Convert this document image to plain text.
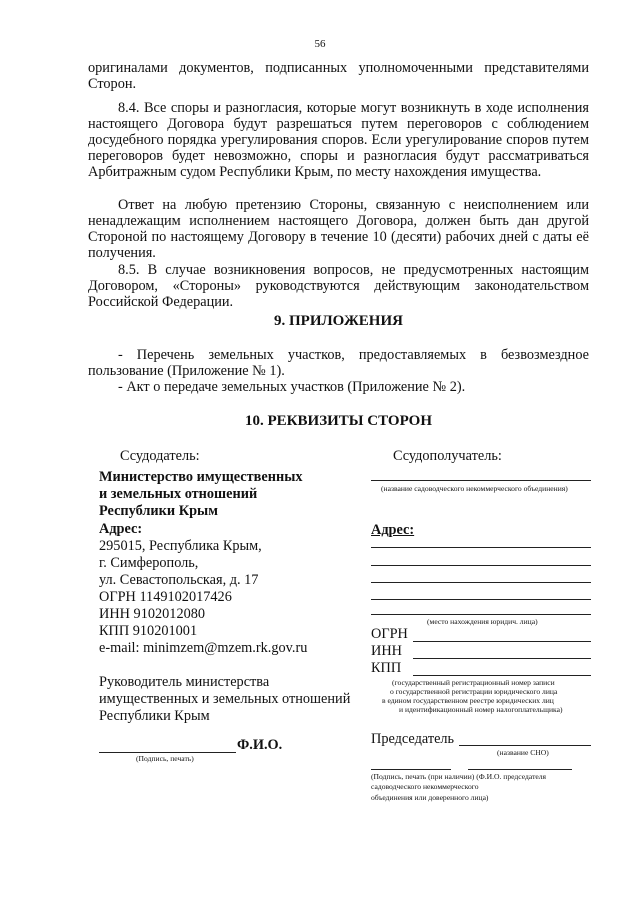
56

оригиналами документов, подписанных уполномоченными представителями Сторон.

8.4. Все споры и разногласия, которые могут возникнуть в ходе исполнения настоящего Договора будут разрешаться путем переговоров с соблюдением досудебного порядка урегулирования споров. Если урегулирование споров путем переговоров будет невозможно, споры и разногласия будут рассматриваться Арбитражным судом Республики Крым, по месту нахождения имущества.

Ответ на любую претензию Стороны, связанную с неисполнением или ненадлежащим исполнением настоящего Договора, должен быть дан другой Стороной по настоящему Договору в течение 10 (десяти) рабочих дней с даты её получения.

8.5. В случае возникновения вопросов, не предусмотренных настоящим Договором, «Стороны» руководствуются действующим законодательством Российской Федерации.

9. ПРИЛОЖЕНИЯ

- Перечень земельных участков, предоставляемых в безвозмездное пользование (Приложение № 1).

- Акт о передаче земельных участков (Приложение № 2).

10. РЕКВИЗИТЫ СТОРОН
Ссудодатель:
Министерство имущественных
и земельных отношений
Республики Крым
Адрес:
295015, Республика Крым,
г. Симферополь,
ул. Севастопольская, д. 17
ОГРН 1149102017426
ИНН 9102012080
КПП 910201001
e-mail: minimzem@mzem.rk.gov.ru
Руководитель министерства
имущественных и земельных отношений
Республики Крым
Ф.И.О.
(Подпись, печать)
Ссудополучатель:
(название садоводческого некоммерческого объединения)
Адрес:
(место нахождения юридич. лица)
ОГРН
ИНН
КПП
(государственный регистрационный номер записи
о государственной регистрации юридического лица
в едином государственном реестре юридических лиц
и идентификационный номер налогоплательщика)
Председатель
(название СНО)
(Подпись, печать (при наличии) (Ф.И.О. председателя
садоводческого некоммерческого
объединения или доверенного лица)
